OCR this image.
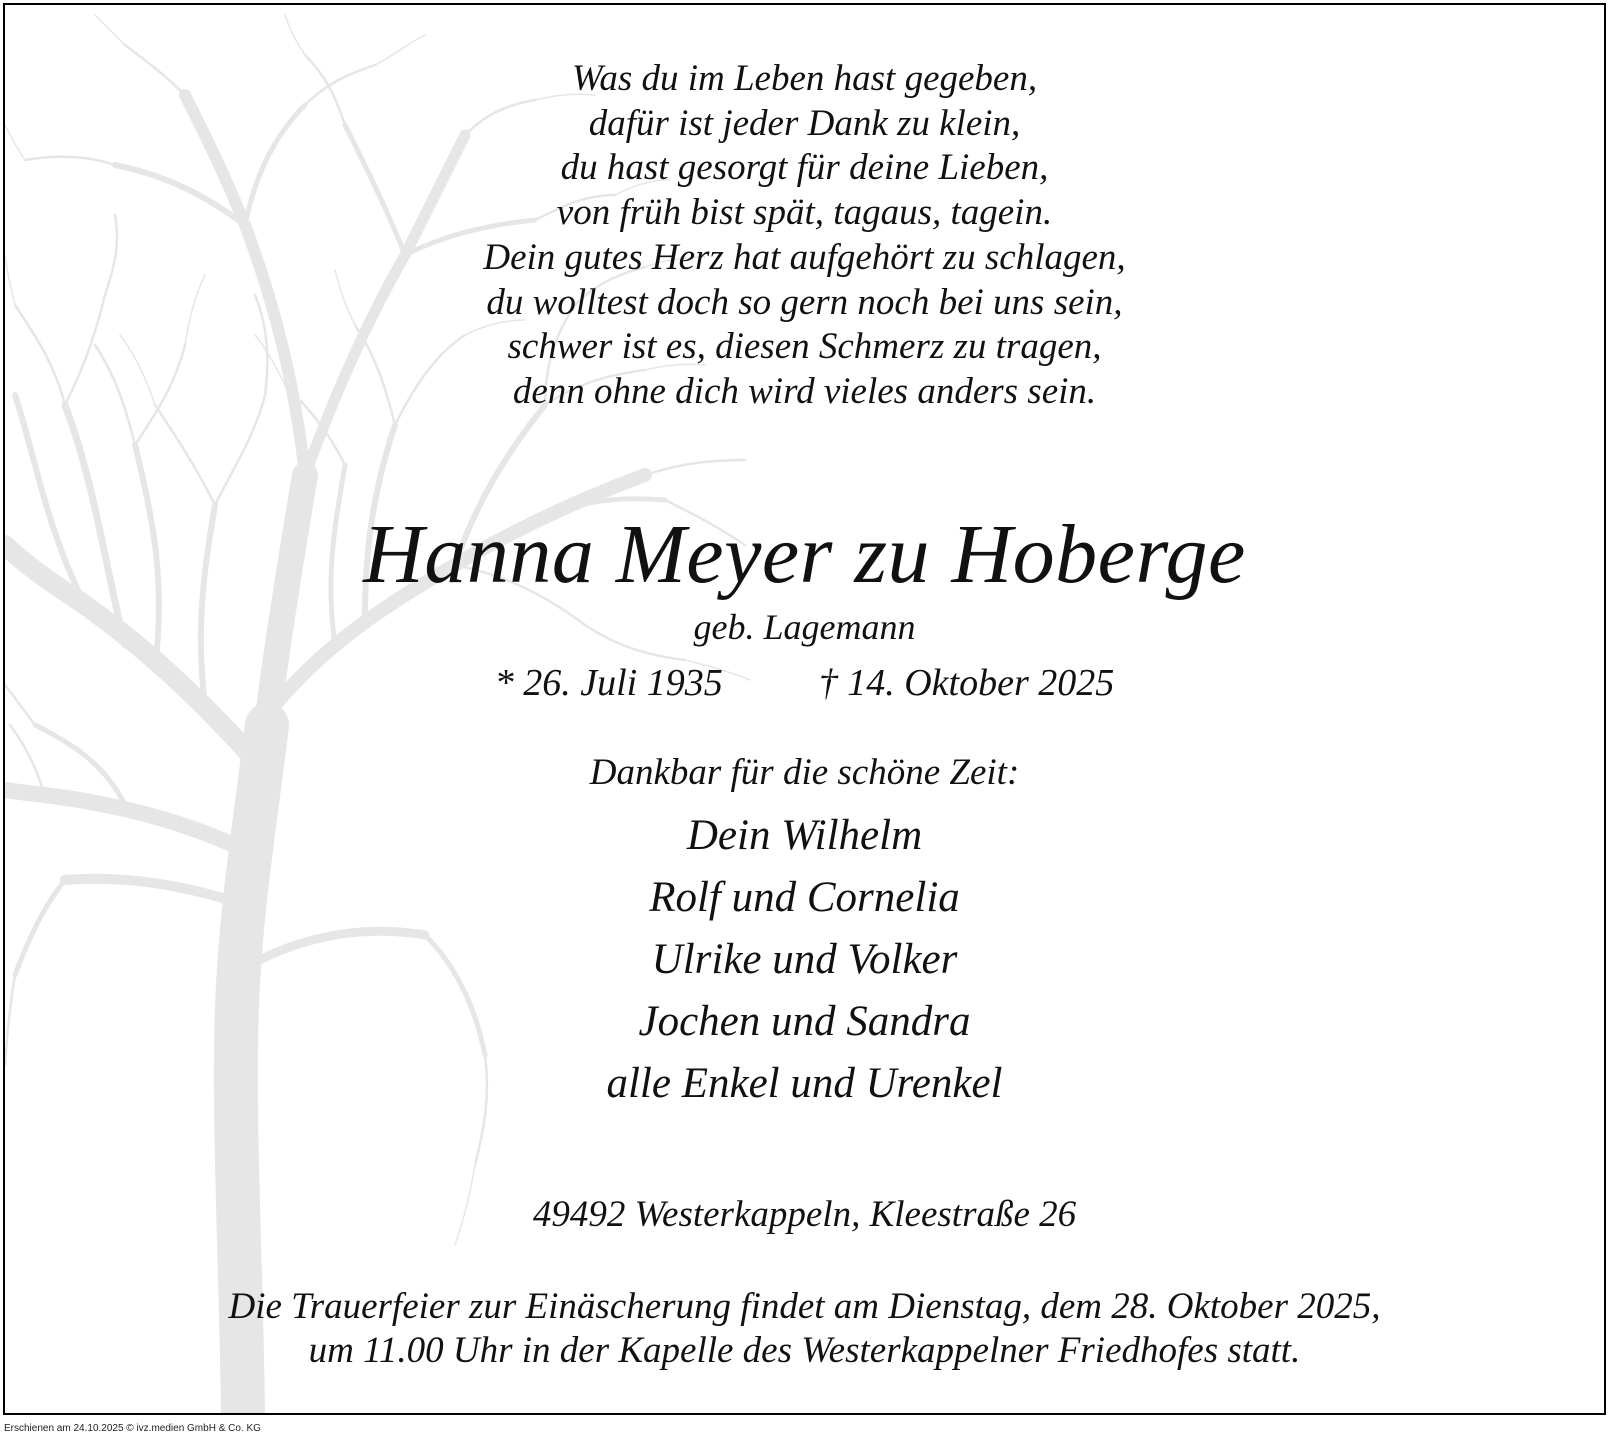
Was du im Leben hast gegeben,
dafür ist jeder Dank zu klein,
du hast gesorgt für deine Lieben,
von früh bist spät, tagaus, tagein.
Dein gutes Herz hat aufgehört zu schlagen,
du wolltest doch so gern noch bei uns sein,
schwer ist es, diesen Schmerz zu tragen,
denn ohne dich wird vieles anders sein.
Hanna Meyer zu Hoberge
geb. Lagemann
* 26. Juli 1935	† 14. Oktober 2025
Dankbar für die schöne Zeit:
Dein Wilhelm
Rolf und Cornelia
Ulrike und Volker
Jochen und Sandra
alle Enkel und Urenkel
49492 Westerkappeln, Kleestraße 26
Die Trauerfeier zur Einäscherung findet am Dienstag, dem 28. Oktober 2025,
um 11.00 Uhr in der Kapelle des Westerkappelner Friedhofes statt.
Erschienen am 24.10.2025 © ivz.medien GmbH & Co. KG
